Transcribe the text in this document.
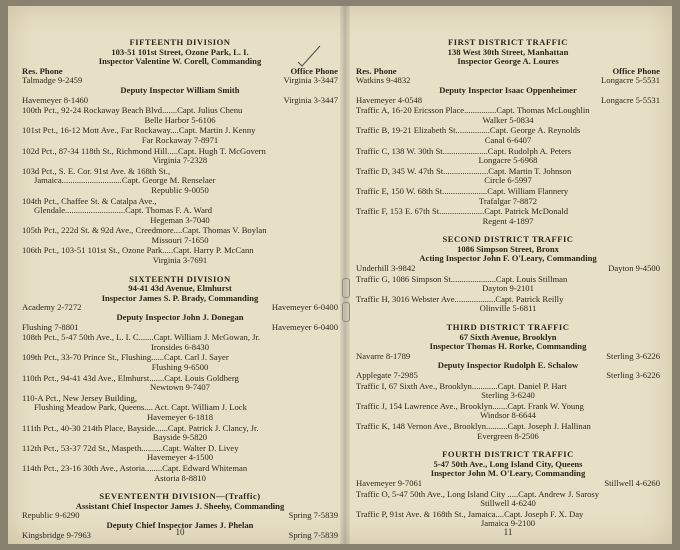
FIFTEENTH DIVISION
103-51 101st Street, Ozone Park, L. I.
Inspector Valentine W. Corell, Commanding
Res. Phone	Office Phone
Talmadge 9-2459	Virginia 3-3447
Deputy Inspector William Smith
Havemeyer 8-1460	Virginia 3-3447
100th Pct., 92-24 Rockaway Beach Blvd.......Capt. Julius Chenu
Belle Harbor 5-6106
101st Pct., 16-12 Mott Ave., Far Rockaway....Capt. Martin J. Kenny
Far Rockaway 7-8971
102d Pct., 87-34 118th St., Richmond Hill.....Capt. Hugh T. McGovern
Virginia 7-2328
103d Pct., S. E. Cor. 91st Ave. & 168th St.,
Jamaica............................Capt. George M. Renselaer
Republic 9-0050
104th Pct., Chaffee St. & Catalpa Ave.,
Glendale............................Capt. Thomas F. A. Ward
Hegeman 3-7040
105th Pct., 222d St. & 92d Ave., Creedmore....Capt. Thomas V. Boylan
Missouri 7-1650
106th Pct., 103-51 101st St., Ozone Park.....Capt. Harry P. McCann
Virginia 3-7691
SIXTEENTH DIVISION
94-41 43d Avenue, Elmhurst
Inspector James S. P. Brady, Commanding
Academy 2-7272	Havemeyer 6-0400
Deputy Inspector John J. Donegan
Flushing 7-8801	Havemeyer 6-0400
108th Pct., 5-47 50th Ave., L. I. C.......Capt. William J. McGowan, Jr.
Ironsides 6-8430
109th Pct., 33-70 Prince St., Flushing......Capt. Carl J. Sayer
Flushing 9-6500
110th Pct., 94-41 43d Ave., Elmhurst.......Capt. Louis Goldberg
Newtown 9-7407
110-A Pct., New Jersey Building,
Flushing Meadow Park, Queens.... Act. Capt. William J. Lock
Havemeyer 6-1818
111th Pct., 40-30 214th Place, Bayside......Capt. Patrick J. Clancy, Jr.
Bayside 9-5820
112th Pct., 53-37 72d St., Maspeth..........Capt. Walter D. Livey
Havemeyer 4-1500
114th Pct., 23-16 30th Ave., Astoria........Capt. Edward Whiteman
Astoria 8-8810
SEVENTEENTH DIVISION—(Traffic)
Assistant Chief Inspector James J. Sheehy, Commanding
Republic 9-6290	Spring 7-5839
Deputy Chief Inspector James J. Phelan
Kingsbridge 9-7963	Spring 7-5839
10
FIRST DISTRICT TRAFFIC
138 West 30th Street, Manhattan
Inspector George A. Loures
Res. Phone	Office Phone
Watkins 9-4832	Longacre 5-5531
Deputy Inspector Isaac Oppenheimer
Havemeyer 4-0548	Longacre 5-5531
Traffic A, 16-20 Ericsson Place...............Capt. Thomas McLoughlin
Walker 5-0834
Traffic B, 19-21 Elizabeth St................Capt. George A. Reynolds
Canal 6-6407
Traffic C, 138 W. 30th St.....................Capt. Rudolph A. Peters
Longacre 5-6968
Traffic D, 345 W. 47th St.....................Capt. Martin T. Johnson
Circle 6-5997
Traffic E, 150 W. 68th St.....................Capt. William Flannery
Trafalgar 7-8872
Traffic F, 153 E. 67th St.....................Capt. Patrick McDonald
Regent 4-1897
SECOND DISTRICT TRAFFIC
1086 Simpson Street, Bronx
Acting Inspector John F. O'Leary, Commanding
Underhill 3-9842	Dayton 9-4500
Traffic G, 1086 Simpson St.....................Capt. Louis Stillman
Dayton 9-2101
Traffic H, 3016 Webster Ave...................Capt. Patrick Reilly
Olinville 5-6811
THIRD DISTRICT TRAFFIC
67 Sixth Avenue, Brooklyn
Inspector Thomas H. Rorke, Commanding
Navarre 8-1789	Sterling 3-6226
Deputy Inspector Rudolph E. Schalow
Applegate 7-2985	Sterling 3-6226
Traffic I, 67 Sixth Ave., Brooklyn............Capt. Daniel P. Hart
Sterling 3-6240
Traffic J, 154 Lawrence Ave., Brooklyn.......Capt. Frank W. Young
Windsor 8-6644
Traffic K, 148 Vernon Ave., Brooklyn..........Capt. Joseph J. Hallinan
Evergreen 8-2506
FOURTH DISTRICT TRAFFIC
5-47 50th Ave., Long Island City, Queens
Inspector John M. O'Leary, Commanding
Havemeyer 9-7061	Stillwell 4-6260
Traffic O, 5-47 50th Ave., Long Island City .....Capt. Andrew J. Sarosy
Stillwell 4-6240
Traffic P, 91st Ave. & 168th St., Jamaica....Capt. Joseph F. X. Day
Jamaica 9-2100
11
